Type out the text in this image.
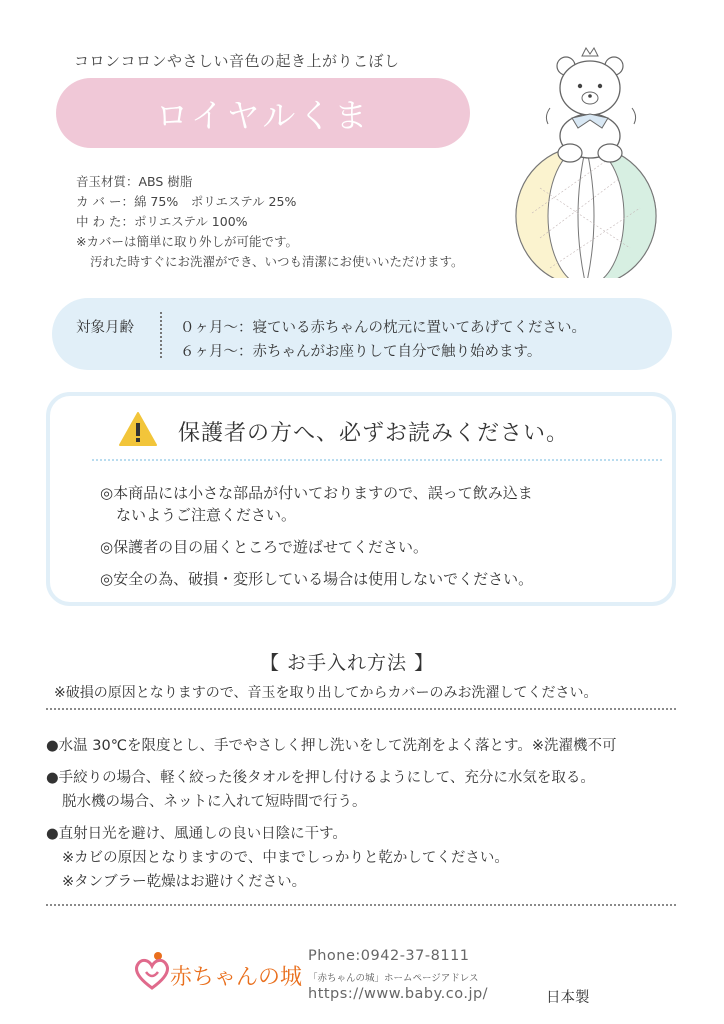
コロンコロンやさしい音色の起き上がりこぼし
ロイヤルくま
音玉材質：ABS 樹脂
カ バ ー：綿 75%　ポリエステル 25%
中 わ た：ポリエステル 100%
※カバーは簡単に取り外しが可能です。
汚れた時すぐにお洗濯ができ、いつも清潔にお使いいただけます。
対象月齢	０ヶ月〜：寝ている赤ちゃんの枕元に置いてあげてください。
６ヶ月〜：赤ちゃんがお座りして自分で触り始めます。
保護者の方へ、必ずお読みください。
◎本商品には小さな部品が付いておりますので、誤って飲み込ま
ないようご注意ください。
◎保護者の目の届くところで遊ばせてください。
◎安全の為、破損・変形している場合は使用しないでください。
【 お手入れ方法 】
※破損の原因となりますので、音玉を取り出してからカバーのみお洗濯してください。
●水温 30℃を限度とし、手でやさしく押し洗いをして洗剤をよく落とす。※洗濯機不可
●手絞りの場合、軽く絞った後タオルを押し付けるようにして、充分に水気を取る。
脱水機の場合、ネットに入れて短時間で行う。
●直射日光を避け、風通しの良い日陰に干す。
※カビの原因となりますので、中までしっかりと乾かしてください。
※タンブラー乾燥はお避けください。
赤ちゃんの城
Phone:0942-37-8111
「赤ちゃんの城」ホームページアドレス
https://www.baby.co.jp/	日本製
